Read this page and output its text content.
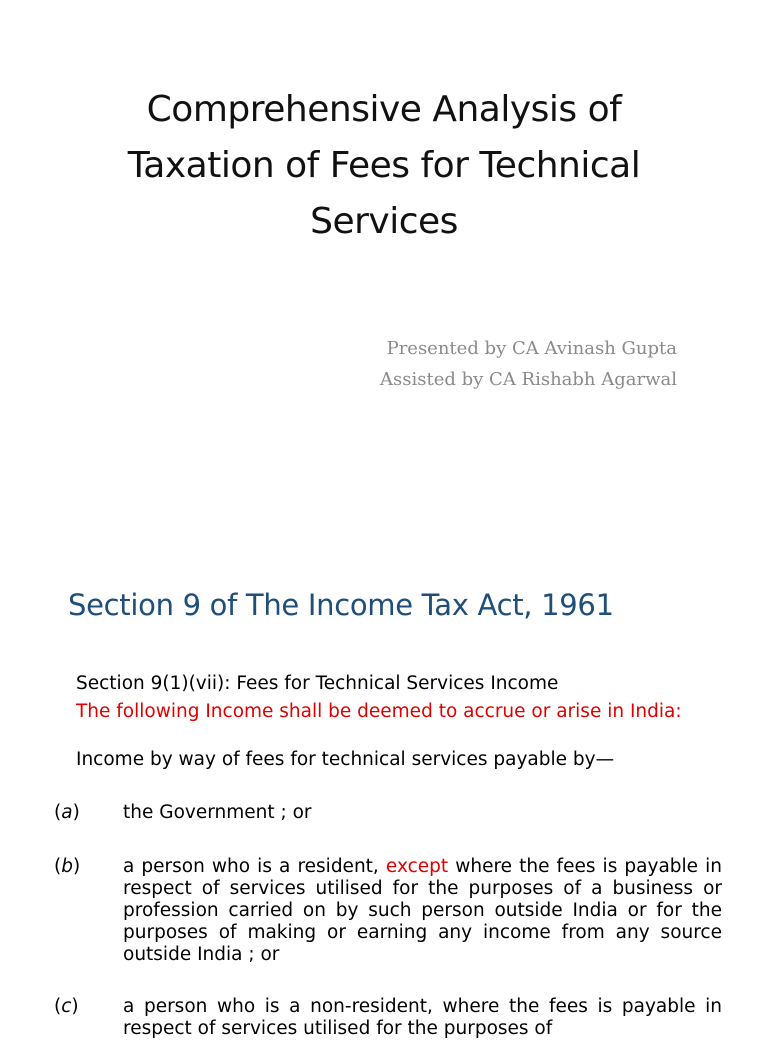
Comprehensive Analysis of
Taxation of Fees for Technical
Services
Presented by CA Avinash Gupta
Assisted by CA Rishabh Agarwal
Section 9 of The Income Tax Act, 1961
Section 9(1)(vii): Fees for Technical Services Income
The following Income shall be deemed to accrue or arise in India:
Income by way of fees for technical services payable by—
(a) the Government ; or
(b) a person who is a resident, except where the fees is payable in respect of services utilised for the purposes of a business or profession carried on by such person outside India or for the purposes of making or earning any income from any source outside India ; or
(c) a person who is a non-resident, where the fees is payable in respect of services utilised for the purposes of
